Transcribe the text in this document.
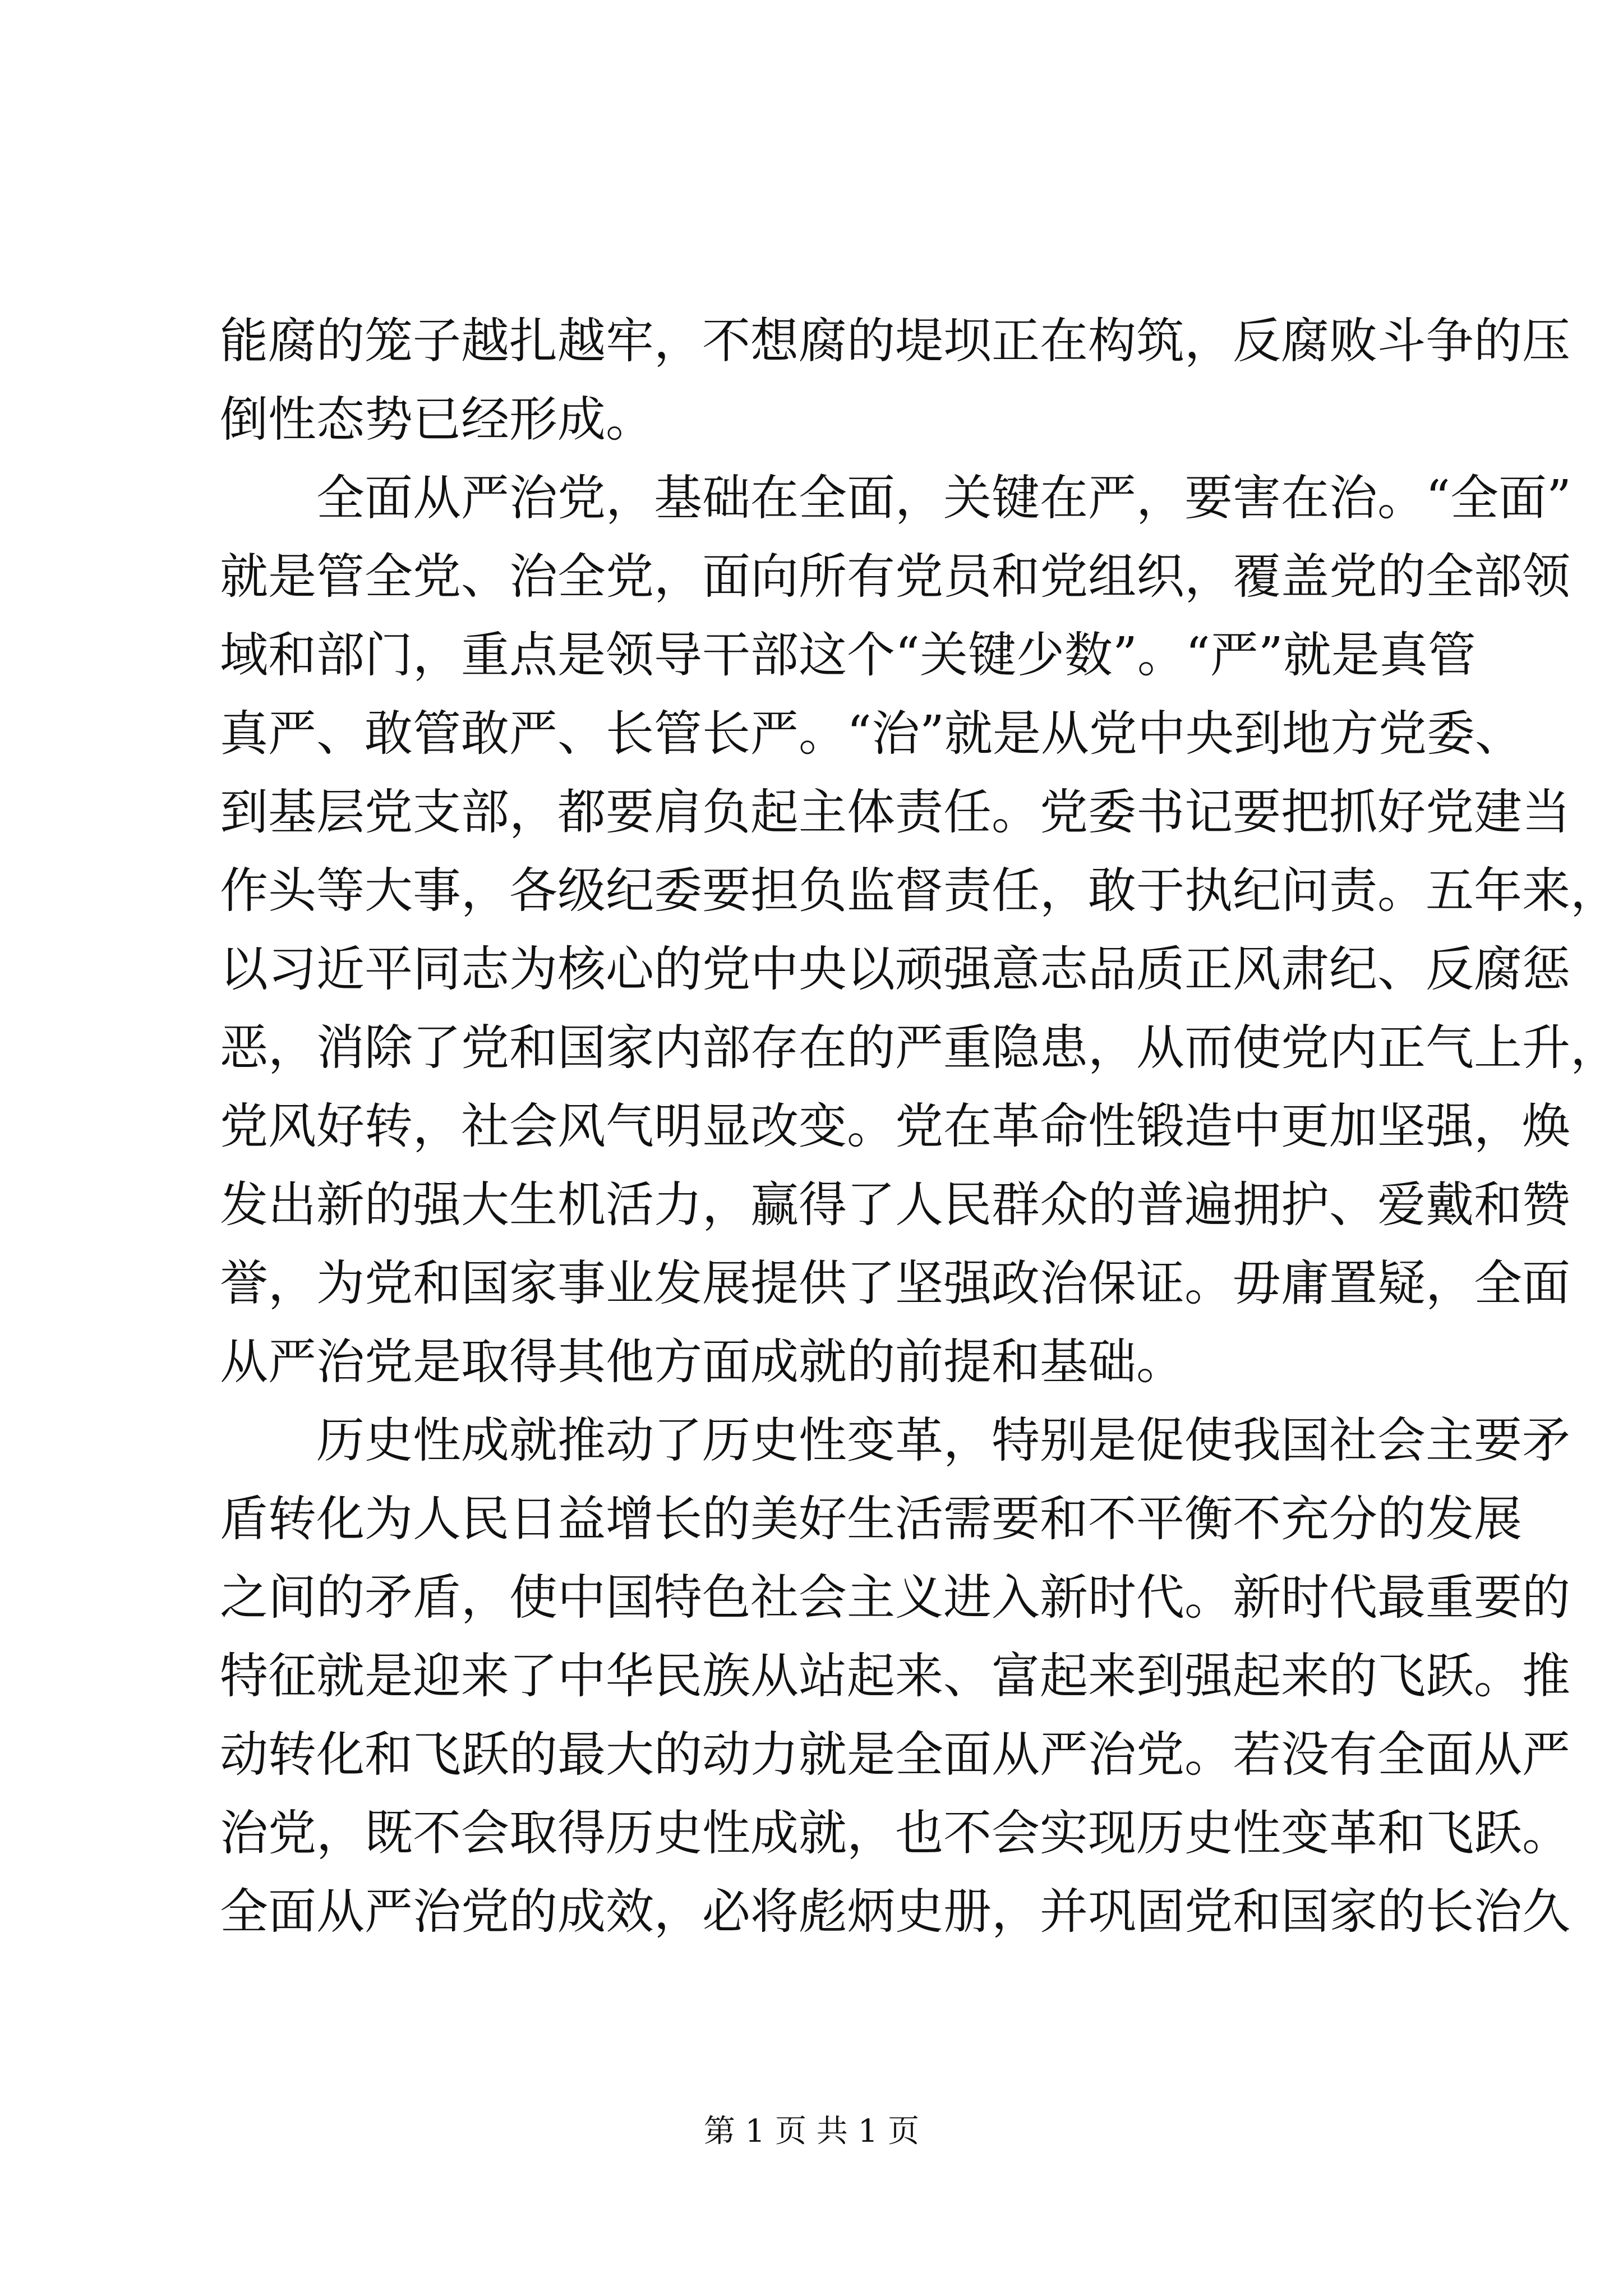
能腐的笼子越扎越牢，不想腐的堤坝正在构筑，反腐败斗争的压
倒性态势已经形成。
全面从严治党，基础在全面，关键在严，要害在治。“全面”
就是管全党、治全党，面向所有党员和党组织，覆盖党的全部领
域和部门，重点是领导干部这个“关键少数”。“严”就是真管
真严、敢管敢严、长管长严。“治”就是从党中央到地方党委、
到基层党支部，都要肩负起主体责任。党委书记要把抓好党建当
作头等大事，各级纪委要担负监督责任，敢于执纪问责。五年来，
以习近平同志为核心的党中央以顽强意志品质正风肃纪、反腐惩
恶，消除了党和国家内部存在的严重隐患，从而使党内正气上升，
党风好转，社会风气明显改变。党在革命性锻造中更加坚强，焕
发出新的强大生机活力，赢得了人民群众的普遍拥护、爱戴和赞
誉，为党和国家事业发展提供了坚强政治保证。毋庸置疑，全面
从严治党是取得其他方面成就的前提和基础。
历史性成就推动了历史性变革，特别是促使我国社会主要矛
盾转化为人民日益增长的美好生活需要和不平衡不充分的发展
之间的矛盾，使中国特色社会主义进入新时代。新时代最重要的
特征就是迎来了中华民族从站起来、富起来到强起来的飞跃。推
动转化和飞跃的最大的动力就是全面从严治党。若没有全面从严
治党，既不会取得历史性成就，也不会实现历史性变革和飞跃。
全面从严治党的成效，必将彪炳史册，并巩固党和国家的长治久
第 1 页 共 1 页
